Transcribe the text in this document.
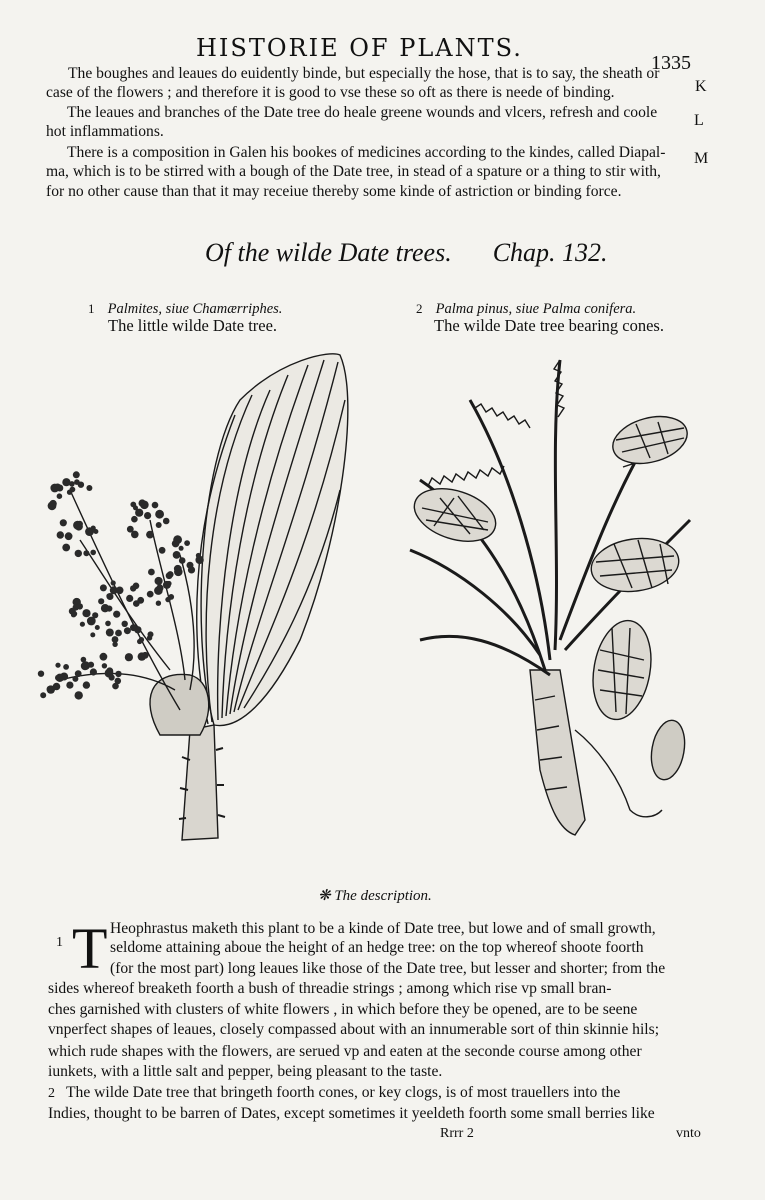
HISTORIE OF PLANTS.
1335
The boughes and leaues do euidently binde, but especially the hose, that is to say, the sheath or
case of the flowers ; and therefore it is good to vse these so oft as there is neede of binding.
The leaues and branches of the Date tree do heale greene wounds and vlcers, refresh and coole
hot inflammations.
There is a composition in Galen his bookes of medicines according to the kindes, called Diapal-
ma, which is to be stirred with a bough of the Date tree, in stead of a spature or a thing to stir with,
for no other cause than that it may receiue thereby some kinde of astriction or binding force.
K
L
M
Of the wilde Date trees. Chap. 132.
1 Palmites, siue Chamærriphes.
The little wilde Date tree.
2 Palma pinus, siue Palma conifera.
The wilde Date tree bearing cones.

❋ The description.
1 T Heophrastus maketh this plant to be a kinde of Date tree, but lowe and of small growth,
seldome attaining aboue the height of an hedge tree: on the top whereof shoote foorth
(for the most part) long leaues like those of the Date tree, but lesser and shorter; from the
sides whereof breaketh foorth a bush of threadie strings ; among which rise vp small bran-
ches garnished with clusters of white flowers , in which before they be opened, are to be seene
vnperfect shapes of leaues, closely compassed about with an innumerable sort of thin skinnie hils;
which rude shapes with the flowers, are serued vp and eaten at the seconde course among other
iunkets, with a little salt and pepper, being pleasant to the taste.
2 The wilde Date tree that bringeth foorth cones, or key clogs, is of most trauellers into the
Indies, thought to be barren of Dates, except sometimes it yeeldeth foorth some small berries like
Rrrr 2	vnto
